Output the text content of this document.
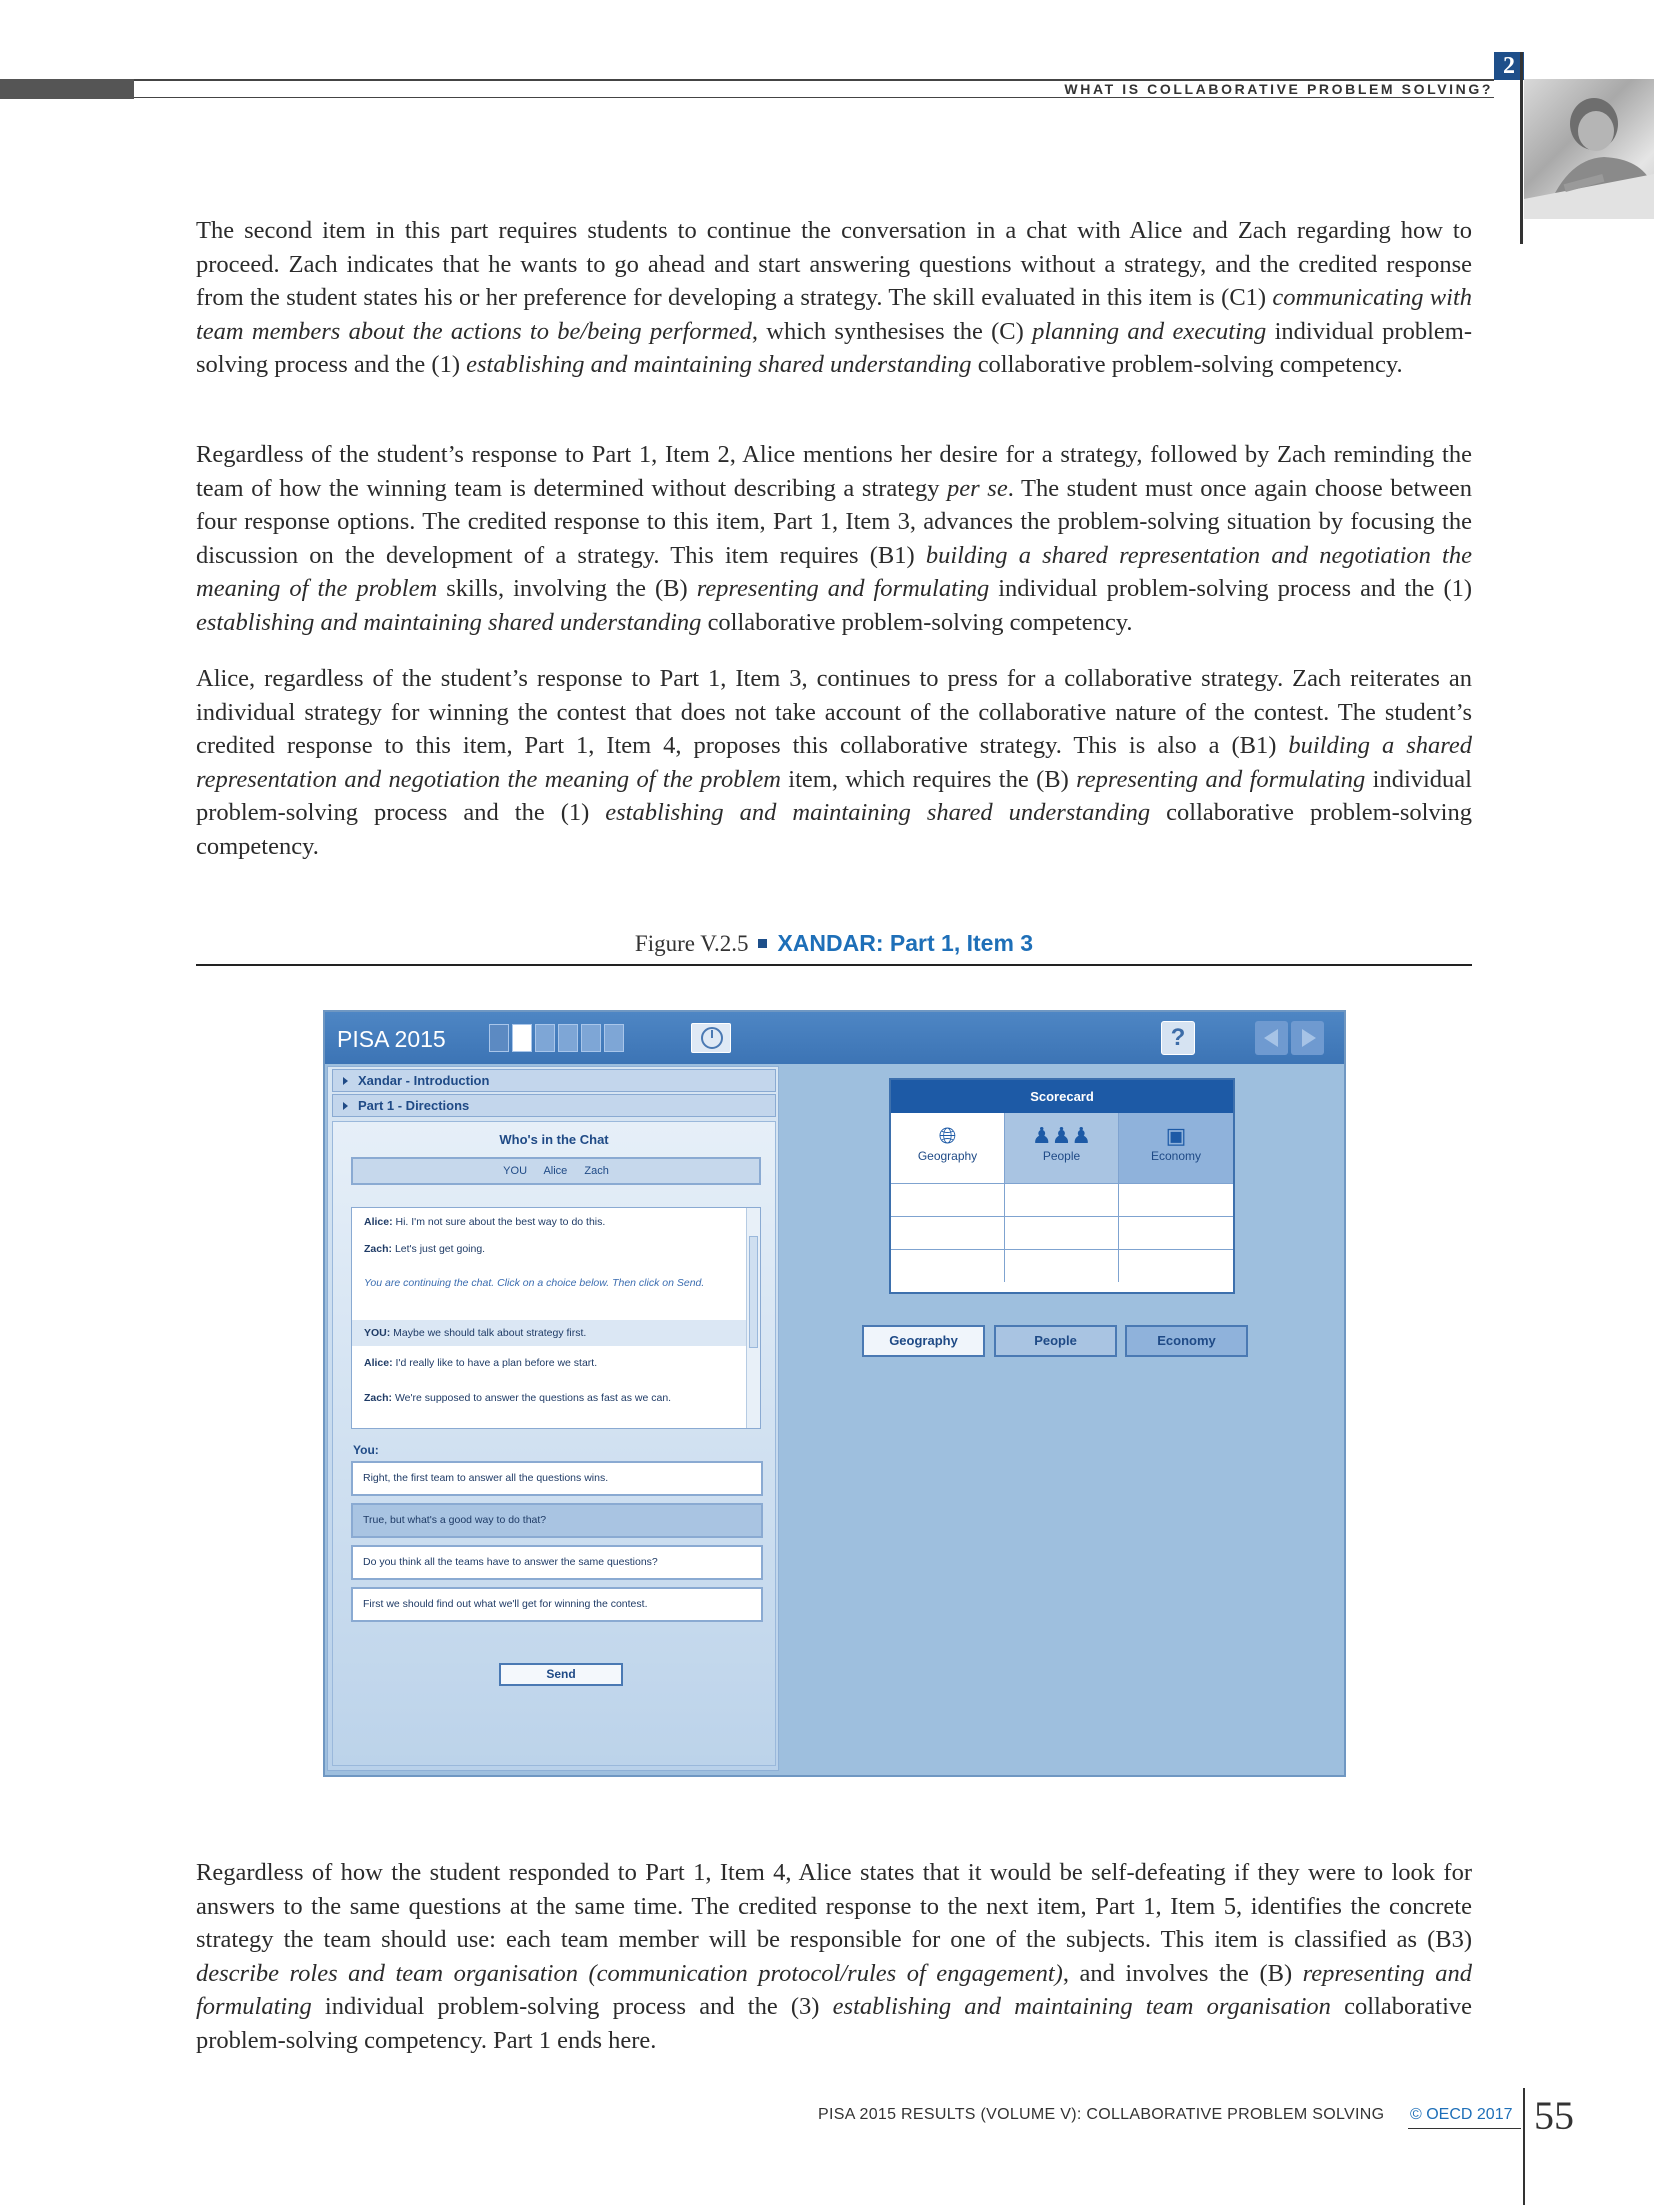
WHAT IS COLLABORATIVE PROBLEM SOLVING?
2
The second item in this part requires students to continue the conversation in a chat with Alice and Zach regarding how to proceed. Zach indicates that he wants to go ahead and start answering questions without a strategy, and the credited response from the student states his or her preference for developing a strategy. The skill evaluated in this item is (C1) communicating with team members about the actions to be/being performed, which synthesises the (C) planning and executing individual problem-solving process and the (1) establishing and maintaining shared understanding collaborative problem-solving competency.
Regardless of the student’s response to Part 1, Item 2, Alice mentions her desire for a strategy, followed by Zach reminding the team of how the winning team is determined without describing a strategy per se. The student must once again choose between four response options. The credited response to this item, Part 1, Item 3, advances the problem-solving situation by focusing the discussion on the development of a strategy. This item requires (B1) building a shared representation and negotiation the meaning of the problem skills, involving the (B) representing and formulating individual problem-solving process and the (1) establishing and maintaining shared understanding collaborative problem-solving competency.
Alice, regardless of the student’s response to Part 1, Item 3, continues to press for a collaborative strategy. Zach reiterates an individual strategy for winning the contest that does not take account of the collaborative nature of the contest. The student’s credited response to this item, Part 1, Item 4, proposes this collaborative strategy. This is also a (B1) building a shared representation and negotiation the meaning of the problem item, which requires the (B) representing and formulating individual problem-solving process and the (1) establishing and maintaining shared understanding collaborative problem-solving competency.
Figure V.2.5 XANDAR: Part 1, Item 3
PISA 2015	?
Xandar - Introduction
Part 1 - Directions
Who's in the Chat
YOU Alice Zach
Alice: Hi. I'm not sure about the best way to do this.
Zach: Let's just get going.
You are continuing the chat. Click on a choice below. Then click on Send.
YOU: Maybe we should talk about strategy first.
Alice: I'd really like to have a plan before we start.
Zach: We're supposed to answer the questions as fast as we can.
You:
Right, the first team to answer all the questions wins.
True, but what's a good way to do that?
Do you think all the teams have to answer the same questions?
First we should find out what we'll get for winning the contest.
Send
Scorecard
🌐︎
Geography
♟♟♟
People
▣
Economy
Geography	People	Economy
Regardless of how the student responded to Part 1, Item 4, Alice states that it would be self-defeating if they were to look for answers to the same questions at the same time. The credited response to the next item, Part 1, Item 5, identifies the concrete strategy the team should use: each team member will be responsible for one of the subjects. This item is classified as (B3) describe roles and team organisation (communication protocol/rules of engagement), and involves the (B) representing and formulating individual problem-solving process and the (3) establishing and maintaining team organisation collaborative problem-solving competency. Part 1 ends here.
PISA 2015 RESULTS (VOLUME V): COLLABORATIVE PROBLEM SOLVING © OECD 2017 55
